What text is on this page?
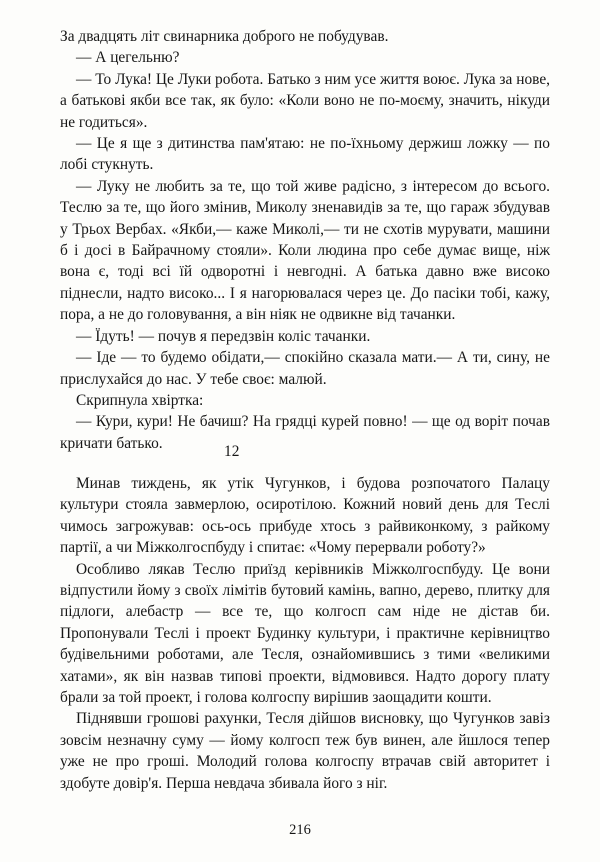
За двадцять літ свинарника доброго не побудував.

— А цегельню?

— То Лука! Це Луки робота. Батько з ним усе життя воює. Лука за нове, а батькові якби все так, як було: «Коли воно не по-моєму, значить, нікуди не годиться».

— Це я ще з дитинства пам'ятаю: не по-їхньому держиш ложку — по лобі стукнуть.

— Луку не любить за те, що той живе радісно, з інтересом до всього. Теслю за те, що його змінив, Миколу зненавидів за те, що гараж збудував у Трьох Вербах. «Якби,— каже Миколі,— ти не схотів мурувати, машини б і досі в Байрачному стояли». Коли людина про себе думає вище, ніж вона є, тоді всі їй одворотні і невгодні. А батька давно вже високо піднесли, надто високо... І я нагорювалася через це. До пасіки тобі, кажу, пора, а не до головування, а він ніяк не одвикне від тачанки.

— Їдуть! — почув я передзвін коліс тачанки.

— Іде — то будемо обідати,— спокійно сказала мати.— А ти, сину, не прислухайся до нас. У тебе своє: малюй.

Скрипнула хвіртка:

— Кури, кури! Не бачиш? На грядці курей повно! — ще од воріт почав кричати батько.	12

Минав тиждень, як утік Чугунков, і будова розпочатого Палацу культури стояла завмерлою, осиротілою. Кожний новий день для Теслі чимось загрожував: ось-ось прибуде хтось з райвиконкому, з райкому партії, а чи Міжколгоспбуду і спитає: «Чому перервали роботу?»

Особливо лякав Теслю приїзд керівників Міжколгоспбуду. Це вони відпустили йому з своїх лімітів бутовий камінь, вапно, дерево, плитку для підлоги, алебастр — все те, що колгосп сам ніде не дістав би. Пропонували Теслі і проект Будинку культури, і практичне керівництво будівельними роботами, але Тесля, ознайомившись з тими «великими хатами», як він назвав типові проекти, відмовився. Надто дорогу плату брали за той проект, і голова колгоспу вирішив заощадити кошти.

Піднявши грошові рахунки, Тесля дійшов висновку, що Чугунков завіз зовсім незначну суму — йому колгосп теж був винен, але йшлося тепер уже не про гроші. Молодий голова колгоспу втрачав свій авторитет і здобуте довір'я. Перша невдача збивала його з ніг.

216
